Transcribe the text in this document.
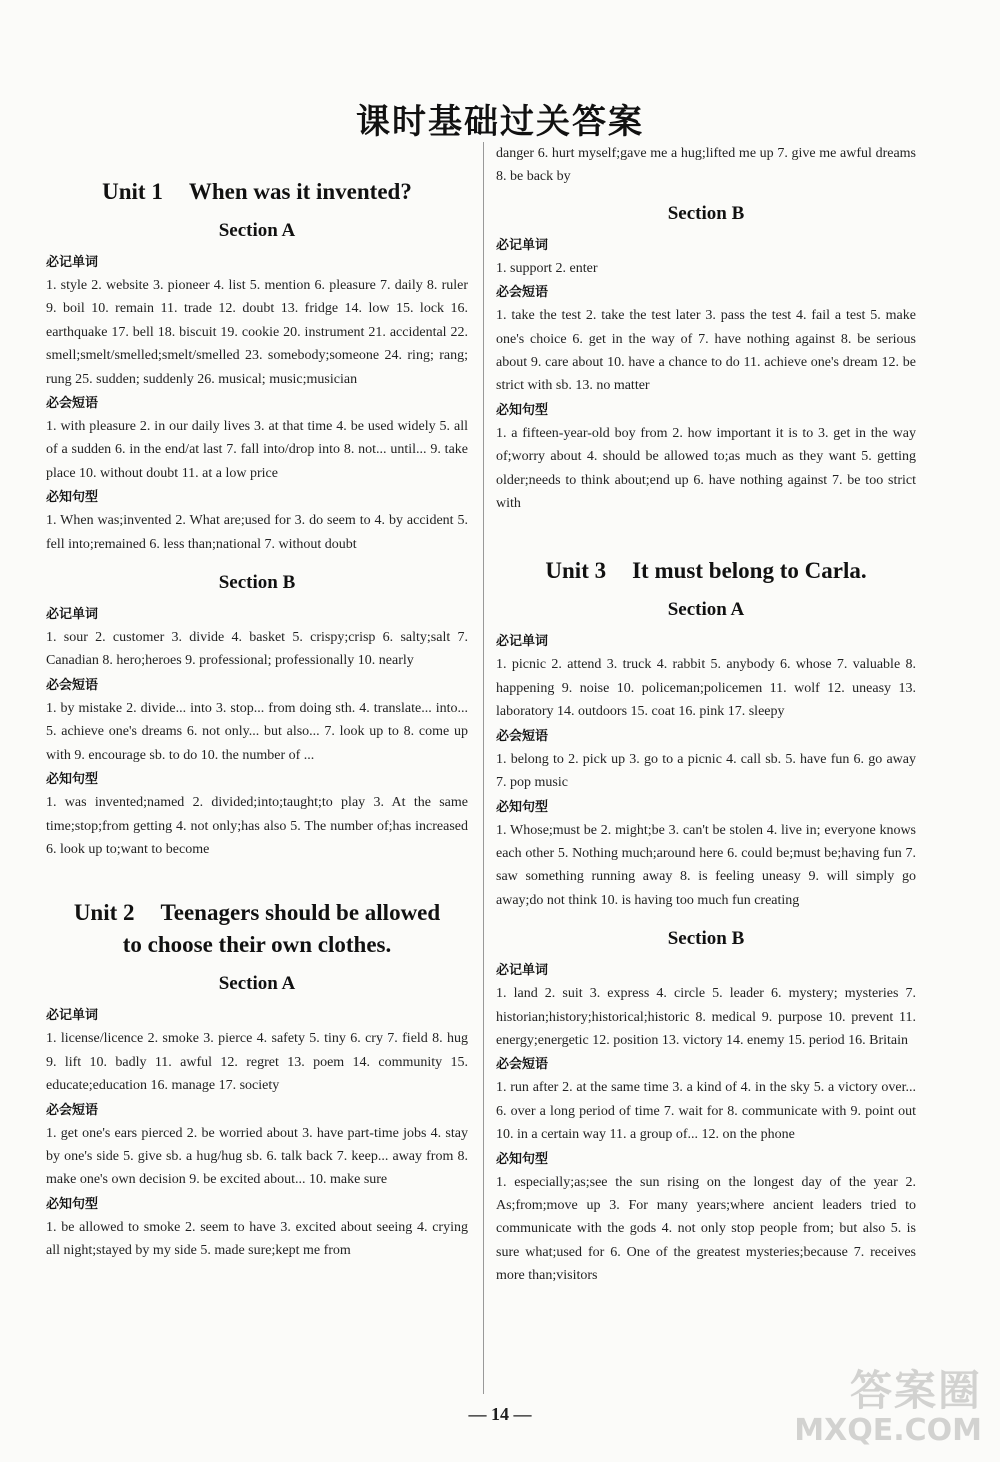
课时基础过关答案

Unit 1 When was it invented?

Section A
必记单词
1. style 2. website 3. pioneer 4. list 5. mention 6. pleasure 7. daily 8. ruler 9. boil 10. remain 11. trade 12. doubt 13. fridge 14. low 15. lock 16. earthquake 17. bell 18. biscuit 19. cookie 20. instrument 21. accidental 22. smell;smelt/smelled;smelt/smelled 23. somebody;someone 24. ring; rang; rung 25. sudden; suddenly 26. musical; music;musician
必会短语
1. with pleasure 2. in our daily lives 3. at that time 4. be used widely 5. all of a sudden 6. in the end/at last 7. fall into/drop into 8. not... until... 9. take place 10. without doubt 11. at a low price
必知句型
1. When was;invented 2. What are;used for 3. do seem to 4. by accident 5. fell into;remained 6. less than;national 7. without doubt
Section B
必记单词
1. sour 2. customer 3. divide 4. basket 5. crispy;crisp 6. salty;salt 7. Canadian 8. hero;heroes 9. professional; professionally 10. nearly
必会短语
1. by mistake 2. divide... into 3. stop... from doing sth. 4. translate... into... 5. achieve one's dreams 6. not only... but also... 7. look up to 8. come up with 9. encourage sb. to do 10. the number of ...
必知句型
1. was invented;named 2. divided;into;taught;to play 3. At the same time;stop;from getting 4. not only;has also 5. The number of;has increased 6. look up to;want to become

Unit 2 Teenagers should be allowed
to choose their own clothes.

Section A
必记单词
1. license/licence 2. smoke 3. pierce 4. safety 5. tiny 6. cry 7. field 8. hug 9. lift 10. badly 11. awful 12. regret 13. poem 14. community 15. educate;education 16. manage 17. society
必会短语
1. get one's ears pierced 2. be worried about 3. have part-time jobs 4. stay by one's side 5. give sb. a hug/hug sb. 6. talk back 7. keep... away from 8. make one's own decision 9. be excited about... 10. make sure
必知句型
1. be allowed to smoke 2. seem to have 3. excited about seeing 4. crying all night;stayed by my side 5. made sure;kept me from
danger 6. hurt myself;gave me a hug;lifted me up 7. give me awful dreams 8. be back by
Section B
必记单词
1. support 2. enter
必会短语
1. take the test 2. take the test later 3. pass the test 4. fail a test 5. make one's choice 6. get in the way of 7. have nothing against 8. be serious about 9. care about 10. have a chance to do 11. achieve one's dream 12. be strict with sb. 13. no matter
必知句型
1. a fifteen-year-old boy from 2. how important it is to 3. get in the way of;worry about 4. should be allowed to;as much as they want 5. getting older;needs to think about;end up 6. have nothing against 7. be too strict with

Unit 3 It must belong to Carla.

Section A
必记单词
1. picnic 2. attend 3. truck 4. rabbit 5. anybody 6. whose 7. valuable 8. happening 9. noise 10. policeman;policemen 11. wolf 12. uneasy 13. laboratory 14. outdoors 15. coat 16. pink 17. sleepy
必会短语
1. belong to 2. pick up 3. go to a picnic 4. call sb. 5. have fun 6. go away 7. pop music
必知句型
1. Whose;must be 2. might;be 3. can't be stolen 4. live in; everyone knows each other 5. Nothing much;around here 6. could be;must be;having fun 7. saw something running away 8. is feeling uneasy 9. will simply go away;do not think 10. is having too much fun creating
Section B
必记单词
1. land 2. suit 3. express 4. circle 5. leader 6. mystery; mysteries 7. historian;history;historical;historic 8. medical 9. purpose 10. prevent 11. energy;energetic 12. position 13. victory 14. enemy 15. period 16. Britain
必会短语
1. run after 2. at the same time 3. a kind of 4. in the sky 5. a victory over... 6. over a long period of time 7. wait for 8. communicate with 9. point out 10. in a certain way 11. a group of... 12. on the phone
必知句型
1. especially;as;see the sun rising on the longest day of the year 2. As;from;move up 3. For many years;where ancient leaders tried to communicate with the gods 4. not only stop people from; but also 5. is sure what;used for 6. One of the greatest mysteries;because 7. receives more than;visitors
— 14 —	答案圈
MXQE.COM
